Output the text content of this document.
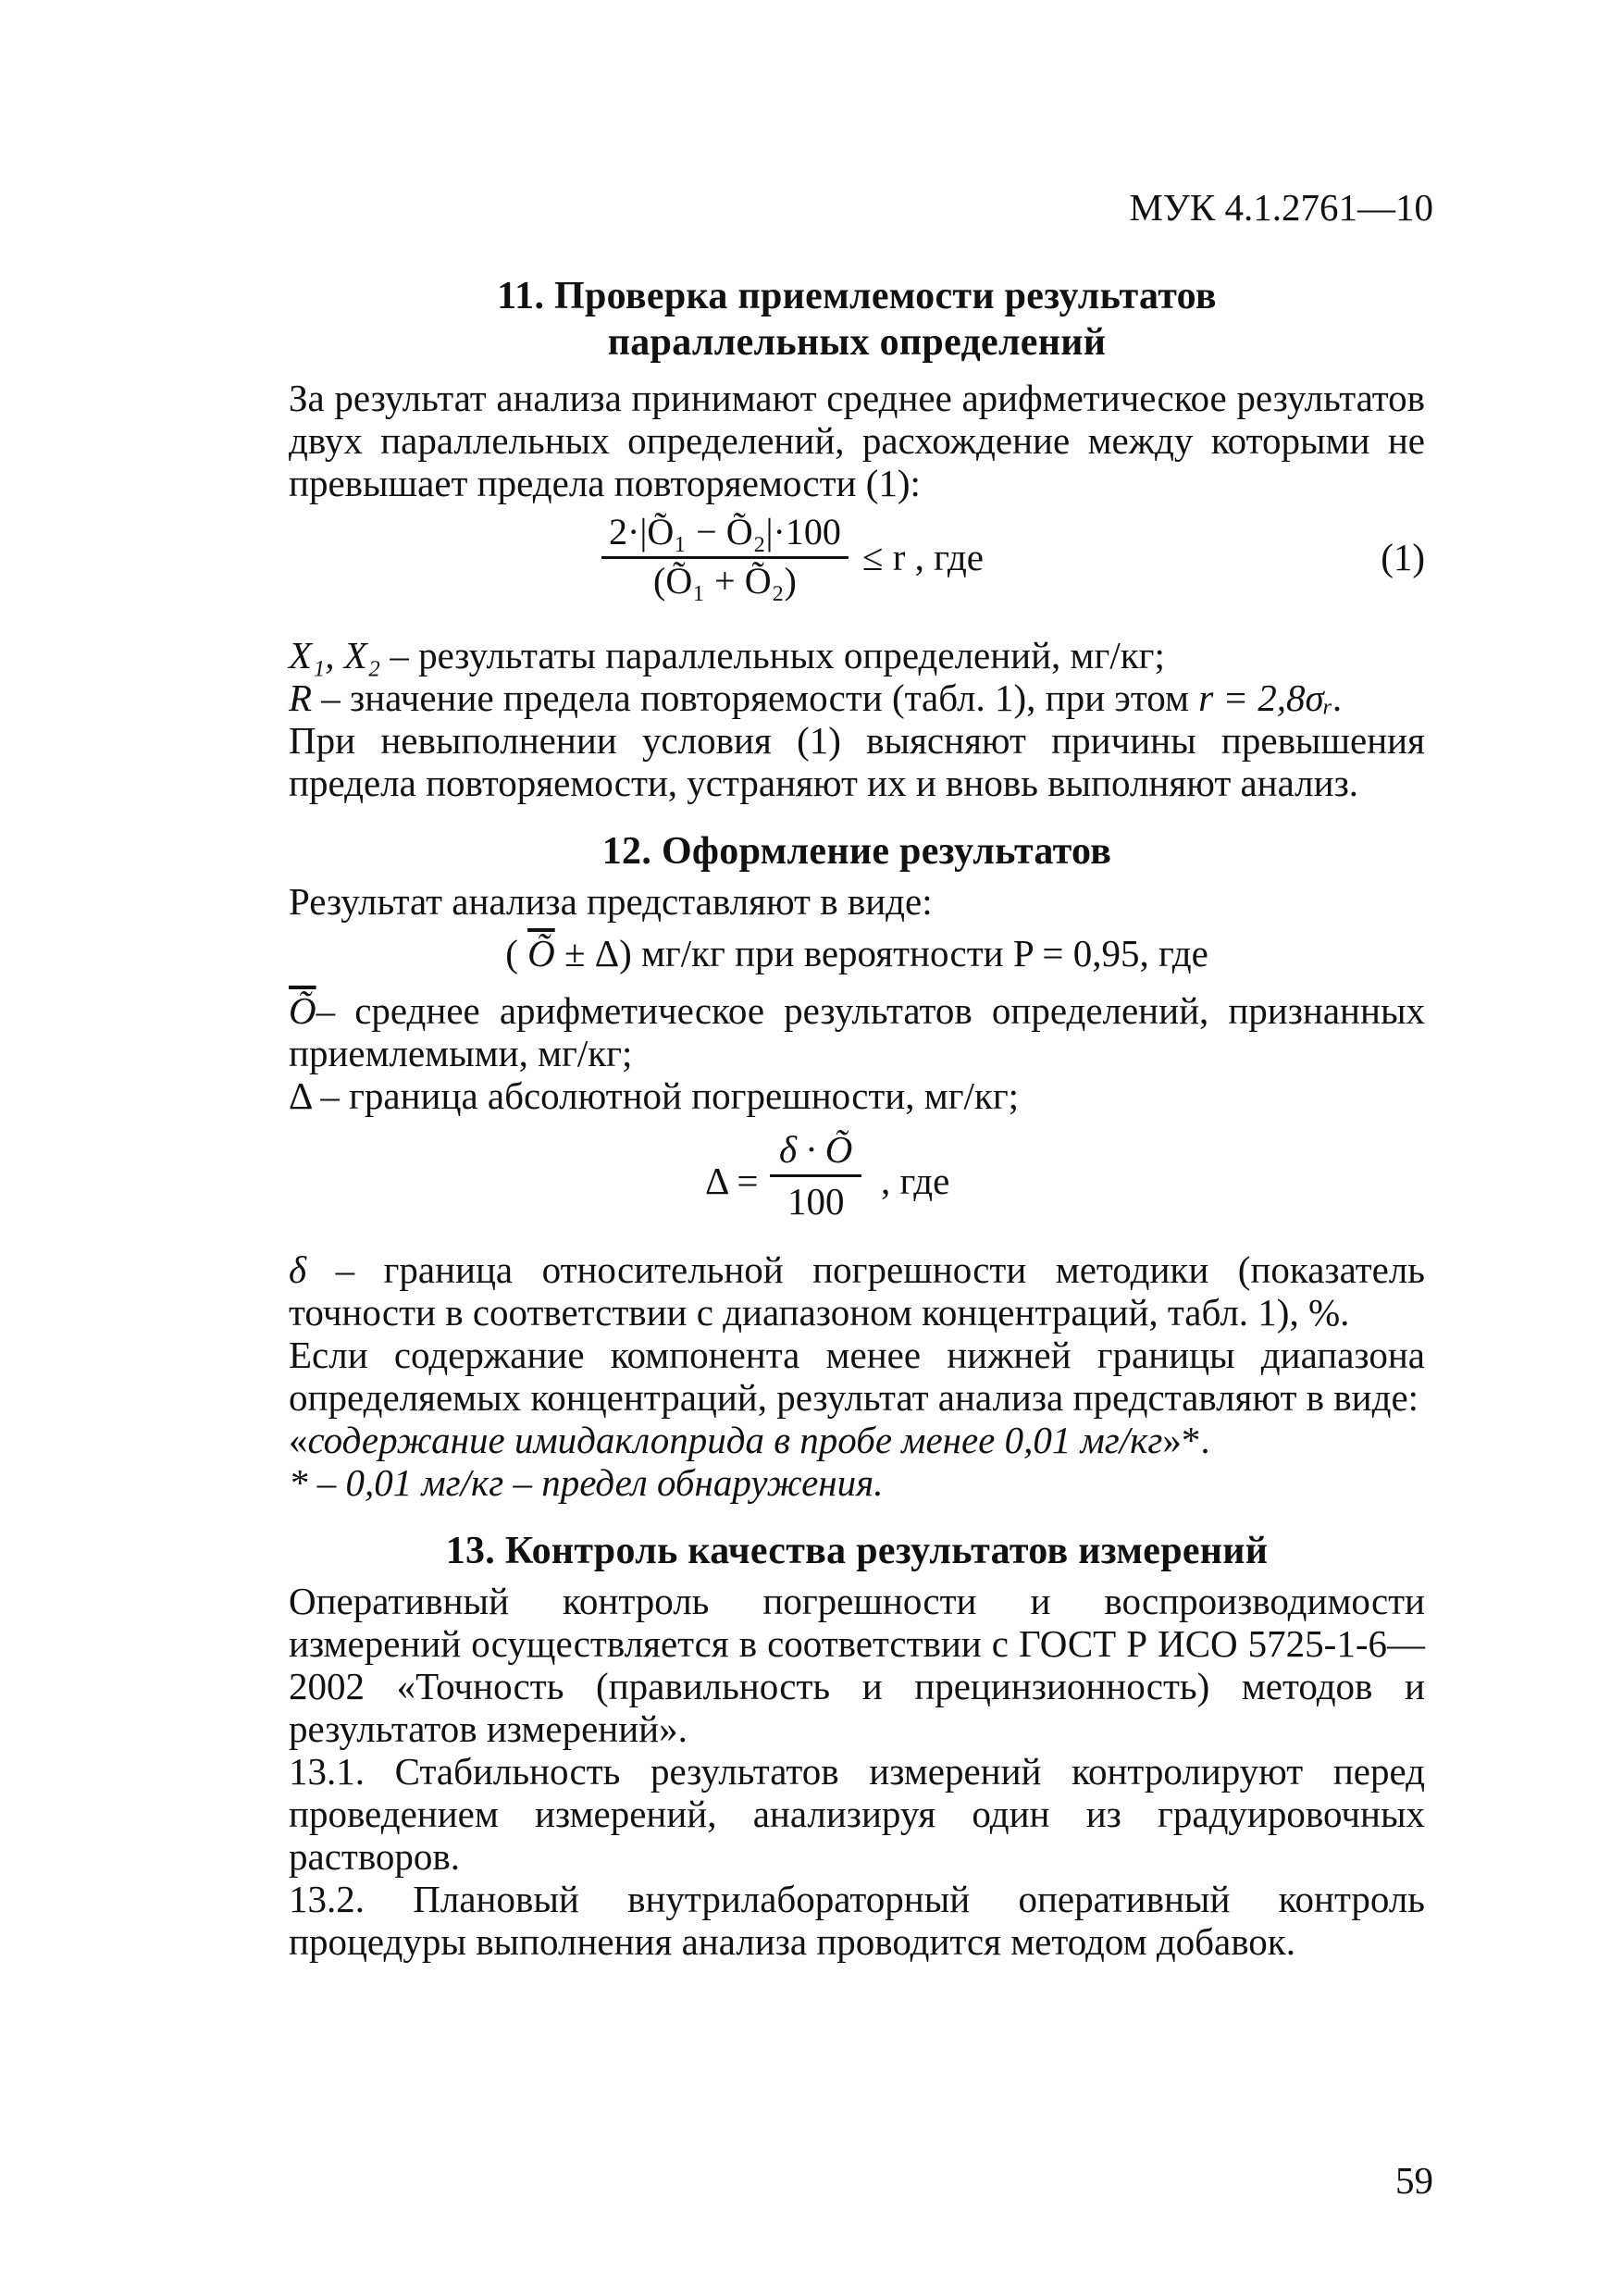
МУК 4.1.2761—10
11. Проверка приемлемости результатов
параллельных определений

За результат анализа принимают среднее арифметическое результатов двух параллельных определений, расхождение между которыми не превышает предела повторяемости (1):

$\frac{\text{2·|Õ₁ − Õ₂|·100}}{\text{(Õ₁ + Õ₂)}} \le r$ , где	(1)

X₁, X₂ – результаты параллельных определений, мг/кг;

R – значение предела повторяемости (табл. 1), при этом r = 2,8σᵣ.

При невыполнении условия (1) выясняют причины превышения предела повторяемости, устраняют их и вновь выполняют анализ.

12. Оформление результатов

Результат анализа представляют в виде:

( $\overline{Õ} \pm \Delta$) мг/кг при вероятности P = 0,95, где

$\overline{Õ}-$ среднее арифметическое результатов определений, признанных приемлемыми, мг/кг;

Δ – граница абсолютной погрешности, мг/кг;

$\Delta = \frac{\delta \cdot Õ}{100}$ , где

δ – граница относительной погрешности методики (показатель точности в соответствии с диапазоном концентраций, табл. 1), %.

Если содержание компонента менее нижней границы диапазона определяемых концентраций, результат анализа представляют в виде:

«содержание имидаклоприда в пробе менее 0,01 мг/кг»*.

* – 0,01 мг/кг – предел обнаружения.

13. Контроль качества результатов измерений

Оперативный контроль погрешности и воспроизводимости измерений осуществляется в соответствии с ГОСТ Р ИСО 5725-1-6—2002 «Точность (правильность и прецинзионность) методов и результатов измерений».

13.1. Стабильность результатов измерений контролируют перед проведением измерений, анализируя один из градуировочных растворов.

13.2. Плановый внутрилабораторный оперативный контроль процедуры выполнения анализа проводится методом добавок.

59
